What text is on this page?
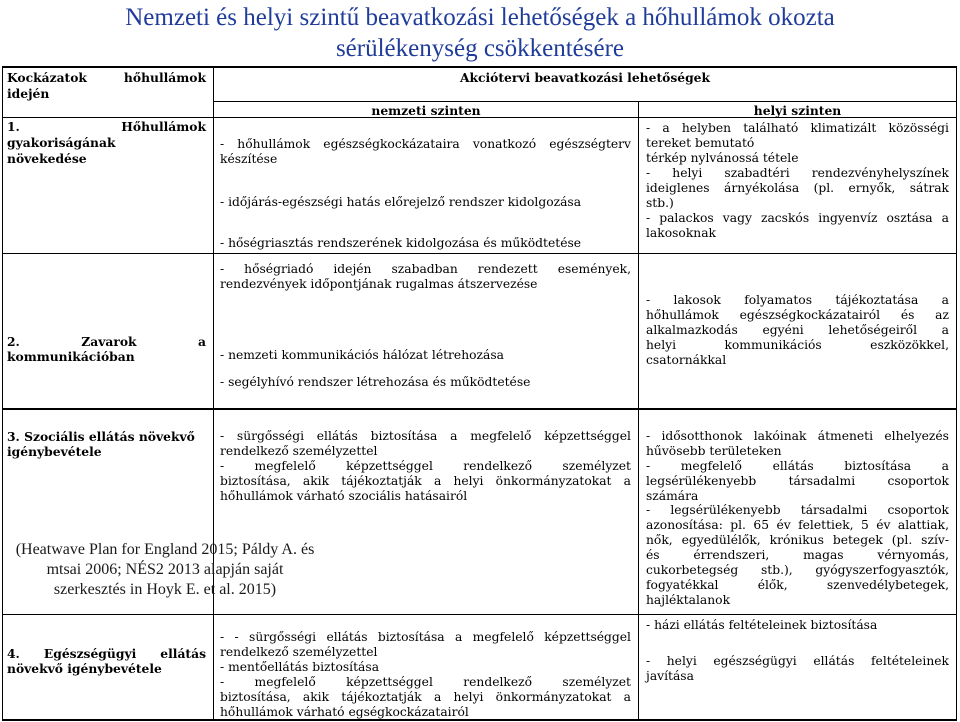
Nemzeti és helyi szintű beavatkozási lehetőségek a hőhullámok okozta
sérülékenység csökkentésére
Kockázatok hőhullámok
idején
Akciótervi beavatkozási lehetőségek
nemzeti szinten	helyi szinten
1. Hőhullámok
gyakoriságának
növekedése
- hőhullámok egészségkockázataira vonatkozó egészségterv
készítése
- időjárás-egészségi hatás előrejelző rendszer kidolgozása
- hőségriasztás rendszerének kidolgozása és működtetése
- a helyben található klimatizált közösségi
tereket bemutató
térkép nylvánossá tétele
- helyi szabadtéri rendezvényhelyszínek
ideiglenes árnyékolása (pl. ernyők, sátrak
stb.)
- palackos vagy zacskós ingyenvíz osztása a
lakosoknak
2. Zavarok a
kommunikációban
- hőségriadó idején szabadban rendezett események,
rendezvények időpontjának rugalmas átszervezése
- nemzeti kommunikációs hálózat létrehozása
- segélyhívó rendszer létrehozása és működtetése
- lakosok folyamatos tájékoztatása a
hőhullámok egészségkockázatairól és az
alkalmazkodás egyéni lehetőségeiről a
helyi kommunikációs eszközökkel,
csatornákkal
3. Szociális ellátás növekvő
igénybevétele
- sürgősségi ellátás biztosítása a megfelelő képzettséggel
rendelkező személyzettel
- megfelelő képzettséggel rendelkező személyzet
biztosítása, akik tájékoztatják a helyi önkormányzatokat a
hőhullámok várható szociális hatásairól
- idősotthonok lakóinak átmeneti elhelyezés
hűvösebb területeken
- megfelelő ellátás biztosítása a
legsérülékenyebb társadalmi csoportok
számára
- legsérülékenyebb társadalmi csoportok
azonosítása: pl. 65 év felettiek, 5 év alattiak,
nők, egyedülélők, krónikus betegek (pl. szív-
és érrendszeri, magas vérnyomás,
cukorbetegség stb.), gyógyszerfogyasztók,
fogyatékkal élők, szenvedélybetegek,
hajléktalanok
(Heatwave Plan for England 2015; Páldy A. és
mtsai 2006; NÉS2 2013 alapján saját
szerkesztés in Hoyk E. et al. 2015)
4. Egészségügyi ellátás
növekvő igénybevétele
- - sürgősségi ellátás biztosítása a megfelelő képzettséggel
rendelkező személyzettel
- mentőellátás biztosítása
- megfelelő képzettséggel rendelkező személyzet
biztosítása, akik tájékoztatják a helyi önkormányzatokat a
hőhullámok várható egségkockázatairól
- házi ellátás feltételeinek biztosítása
- helyi egészségügyi ellátás feltételeinek
javítása
